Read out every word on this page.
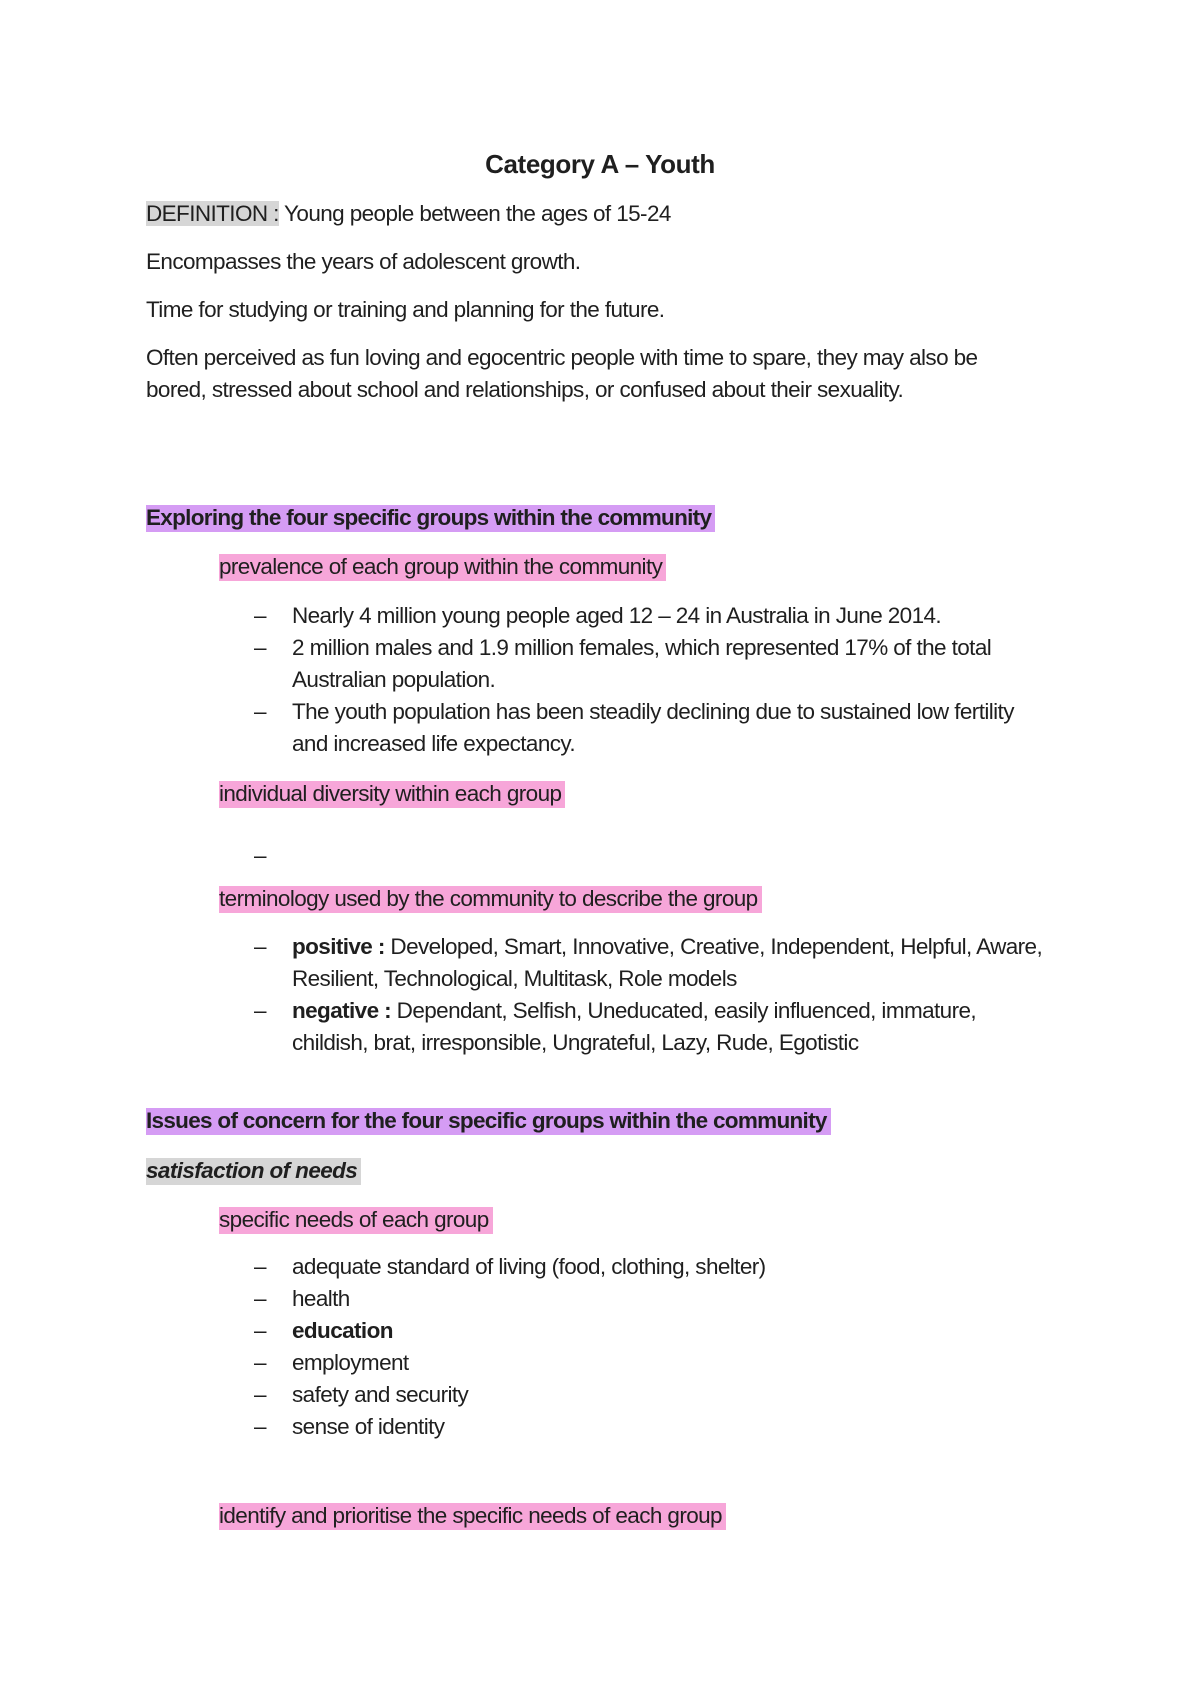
Category A – Youth
DEFINITION : Young people between the ages of 15-24
Encompasses the years of adolescent growth.
Time for studying or training and planning for the future.
Often perceived as fun loving and egocentric people with time to spare, they may also be bored, stressed about school and relationships, or confused about their sexuality.
Exploring the four specific groups within the community
prevalence of each group within the community
– Nearly 4 million young people aged 12 – 24 in Australia in June 2014.
– 2 million males and 1.9 million females, which represented 17% of the total Australian population.
– The youth population has been steadily declining due to sustained low fertility and increased life expectancy.
individual diversity within each group
–
terminology used by the community to describe the group
– positive : Developed, Smart, Innovative, Creative, Independent, Helpful, Aware, Resilient, Technological, Multitask, Role models
– negative : Dependant, Selfish, Uneducated, easily influenced, immature, childish, brat, irresponsible, Ungrateful, Lazy, Rude, Egotistic
Issues of concern for the four specific groups within the community
satisfaction of needs
specific needs of each group
– adequate standard of living (food, clothing, shelter)
– health
– education
– employment
– safety and security
– sense of identity
identify and prioritise the specific needs of each group
